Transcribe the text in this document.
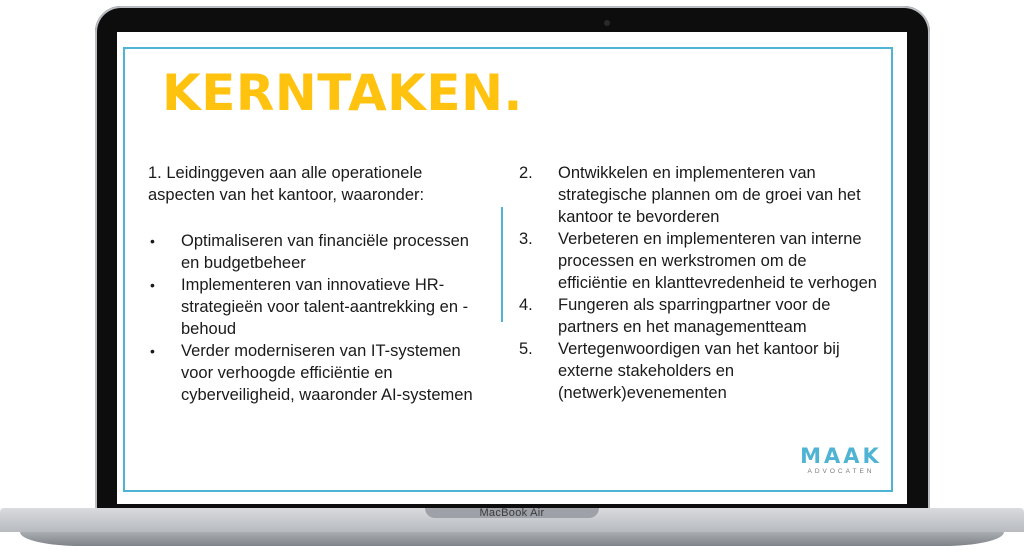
KERNTAKEN.

1. Leidinggeven aan alle operationele aspecten van het kantoor, waaronder:

• Optimaliseren van financiële processen en budgetbeheer
• Implementeren van innovatieve HR-strategieën voor talent-aantrekking en -behoud
• Verder moderniseren van IT-systemen voor verhoogde efficiëntie en cyberveiligheid, waaronder AI-systemen
2. Ontwikkelen en implementeren van strategische plannen om de groei van het kantoor te bevorderen
3. Verbeteren en implementeren van interne processen en werkstromen om de efficiëntie en klanttevredenheid te verhogen
4. Fungeren als sparringpartner voor de partners en het managementteam
5. Vertegenwoordigen van het kantoor bij externe stakeholders en (netwerk)evenementen
MAAK
ADVOCATEN
MacBook Air
